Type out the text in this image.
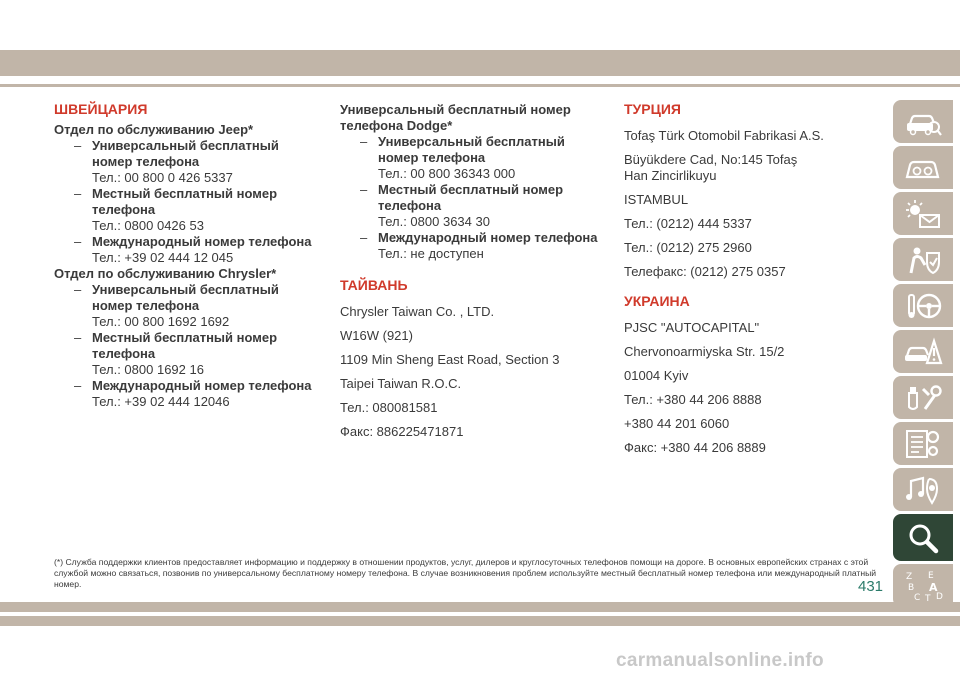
ШВЕЙЦАРИЯ
Отдел по обслуживанию Jeep*
– Универсальный бесплатный номер телефона
Тел.: 00 800 0 426 5337
– Местный бесплатный номер телефона
Тел.: 0800 0426 53
– Международный номер телефона
Тел.: +39 02 444 12 045
Отдел по обслуживанию Chrysler*
– Универсальный бесплатный номер телефона
Тел.: 00 800 1692 1692
– Местный бесплатный номер телефона
Тел.: 0800 1692 16
– Международный номер телефона
Тел.: +39 02 444 12046
Универсальный бесплатный номер телефона Dodge*
– Универсальный бесплатный номер телефона
Тел.: 00 800 36343 000
– Местный бесплатный номер телефона
Тел.: 0800 3634 30
– Международный номер телефона
Тел.: не доступен
ТАЙВАНЬ
Chrysler Taiwan Co. , LTD.
W16W (921)
1109 Min Sheng East Road, Section 3
Taipei Taiwan R.O.C.
Тел.: 080081581
Факс: 886225471871
ТУРЦИЯ
Tofaş Türk Otomobil Fabrikasi A.S.
Büyükdere Cad, No:145 Tofaş
Han Zincirlikuyu
ISTAMBUL
Тел.: (0212) 444 5337
Тел.: (0212) 275 2960
Телефакс: (0212) 275 0357
УКРАИНА
PJSC "AUTOCAPITAL"
Chervonoarmiyska Str. 15/2
01004 Kyiv
Тел.: +380 44 206 8888
+380 44 201 6060
Факс: +380 44 206 8889
Z E
B A
C T D
(*) Служба поддержки клиентов предоставляет информацию и поддержку в отношении продуктов, услуг, дилеров и круглосуточных телефонов помощи на дороге. В основных европейских странах с этой службой можно связаться, позвонив по универсальному бесплатному номеру телефона. В случае возникновения проблем используйте местный бесплатный номер телефона или международный платный номер.	431
carmanualsonline.info
